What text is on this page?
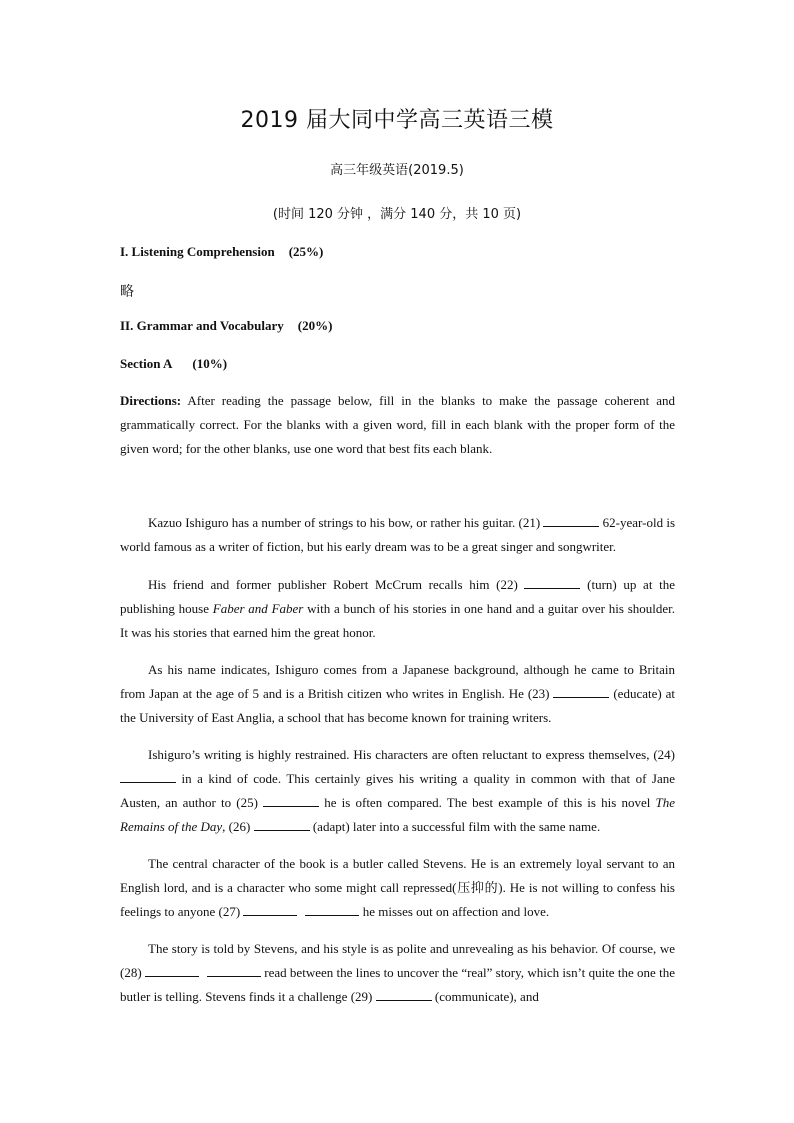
2019 届大同中学高三英语三模
高三年级英语(2019.5)
(时间 120 分钟 ，满分 140 分，共 10 页)
I. Listening Comprehension (25%)
略
II. Grammar and Vocabulary (20%)
Section A (10%)

Directions: After reading the passage below, fill in the blanks to make the passage coherent and grammatically correct. For the blanks with a given word, fill in each blank with the proper form of the given word; for the other blanks, use one word that best fits each blank.

Kazuo Ishiguro has a number of strings to his bow, or rather his guitar. (21)	62-year-old is world famous as a writer of fiction, but his early dream was to be a great singer and songwriter.

His friend and former publisher Robert McCrum recalls him (22)	(turn) up at the publishing house Faber and Faber with a bunch of his stories in one hand and a guitar over his shoulder. It was his stories that earned him the great honor.

As his name indicates, Ishiguro comes from a Japanese background, although he came to Britain from Japan at the age of 5 and is a British citizen who writes in English. He (23)	(educate) at the University of East Anglia, a school that has become known for training writers.

Ishiguro’s writing is highly restrained. His characters are often reluctant to express themselves, (24)  in a kind of code. This certainly gives his writing a quality in common with that of Jane Austen, an author to (25)	he is often compared. The best example of this is his novel The Remains of the Day, (26)	(adapt) later into a successful film with the same name.

The central character of the book is a butler called Stevens. He is an extremely loyal servant to an English lord, and is a character who some might call repressed(压抑的). He is not willing to confess his feelings to anyone (27)	he misses out on affection and love.

The story is told by Stevens, and his style is as polite and unrevealing as his behavior. Of course, we (28)	read between the lines to uncover the “real” story, which isn’t quite the one the butler is telling. Stevens finds it a challenge (29)	(communicate), and
